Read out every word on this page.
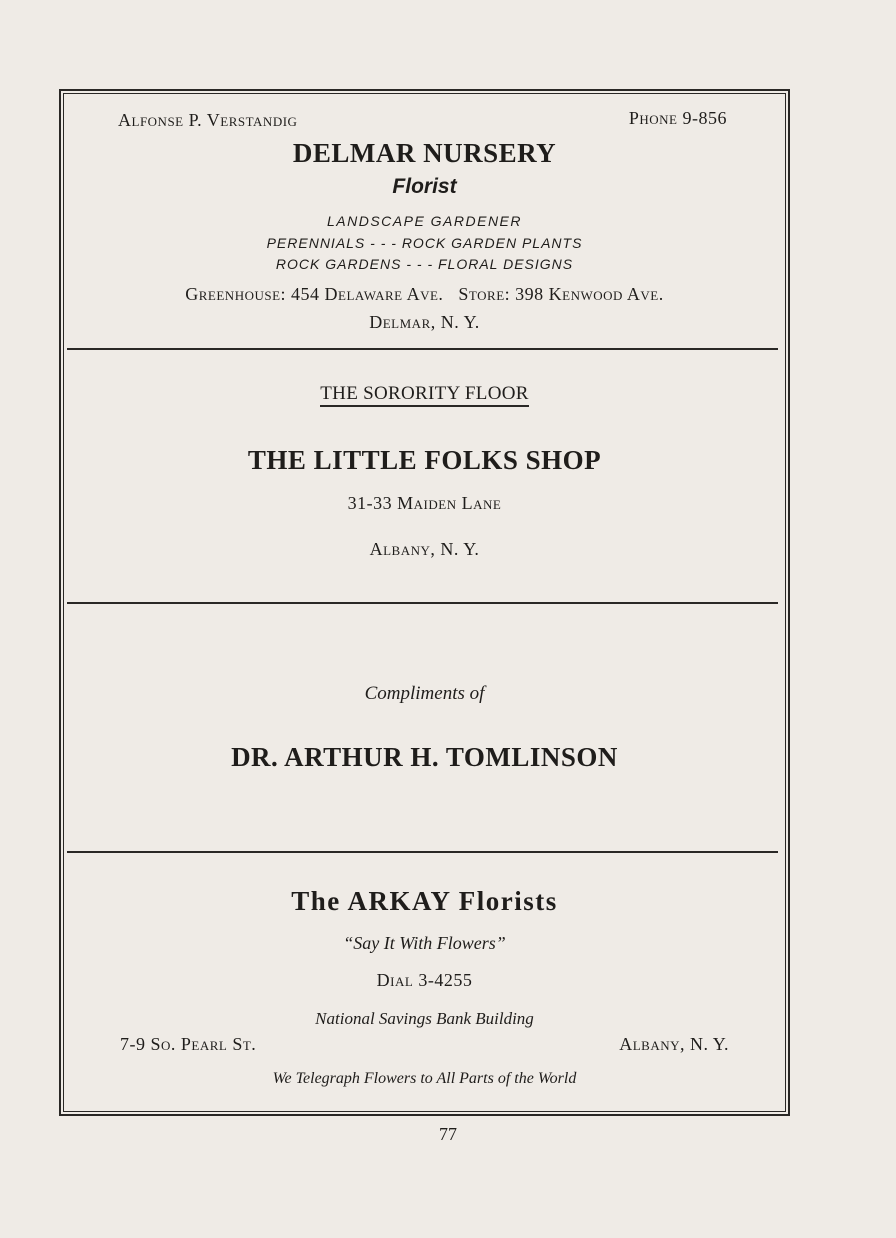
Alfonse P. Verstandig	Phone 9-856
DELMAR NURSERY
Florist
LANDSCAPE GARDENER
PERENNIALS - - - ROCK GARDEN PLANTS
ROCK GARDENS - - - FLORAL DESIGNS
Greenhouse: 454 Delaware Ave.   Store: 398 Kenwood Ave.
Delmar, N. Y.
THE SORORITY FLOOR
THE LITTLE FOLKS SHOP
31-33 Maiden Lane
Albany, N. Y.
Compliments of
DR. ARTHUR H. TOMLINSON
The ARKAY Florists
“Say It With Flowers”
Dial 3-4255
National Savings Bank Building
7-9 So. Pearl St.	Albany, N. Y.
We Telegraph Flowers to All Parts of the World
77
